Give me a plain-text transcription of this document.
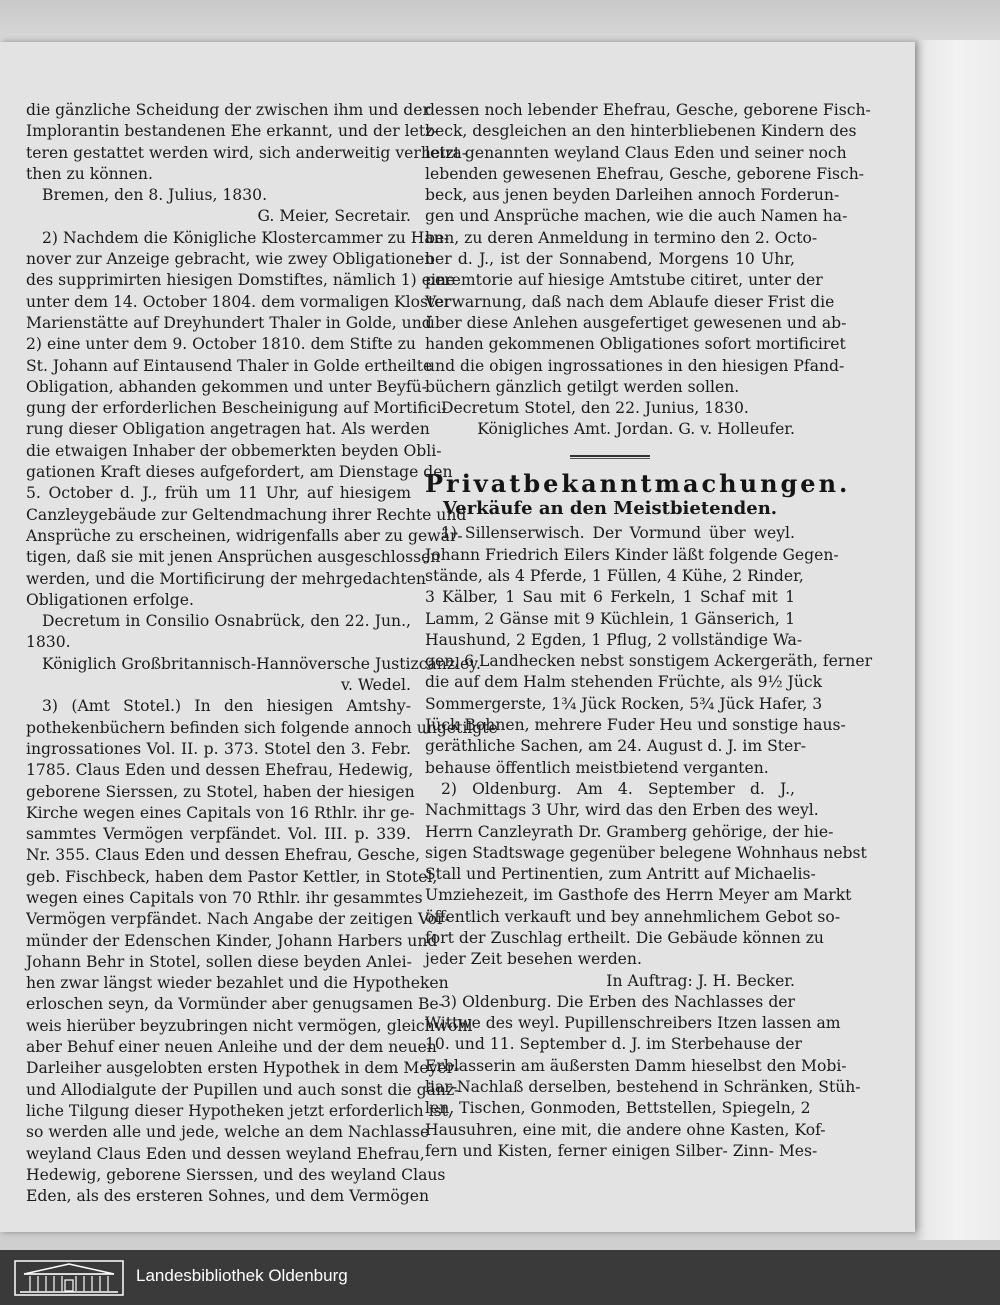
die gänzliche Scheidung der zwischen ihm und der
Implorantin bestandenen Ehe erkannt, und der letz-
teren gestattet werden wird, sich anderweitig verheira-
then zu können.
Bremen, den 8. Julius, 1830.
G. Meier, Secretair.
2) Nachdem die Königliche Klostercammer zu Han-
nover zur Anzeige gebracht, wie zwey Obligationen
des supprimirten hiesigen Domstiftes, nämlich 1) eine
unter dem 14. October 1804. dem vormaligen Kloster
Marienstätte auf Dreyhundert Thaler in Golde, und
2) eine unter dem 9. October 1810. dem Stifte zu
St. Johann auf Eintausend Thaler in Golde ertheilte
Obligation, abhanden gekommen und unter Beyfü-
gung der erforderlichen Bescheinigung auf Mortifici-
rung dieser Obligation angetragen hat. Als werden
die etwaigen Inhaber der obbemerkten beyden Obli-
gationen Kraft dieses aufgefordert, am Dienstage den
5. October d. J., früh um 11 Uhr, auf hiesigem
Canzleygebäude zur Geltendmachung ihrer Rechte und
Ansprüche zu erscheinen, widrigenfalls aber zu gewär-
tigen, daß sie mit jenen Ansprüchen ausgeschlossen
werden, und die Mortificirung der mehrgedachten
Obligationen erfolge.
Decretum in Consilio Osnabrück, den 22. Jun.,
1830.
Königlich Großbritannisch-Hannöversche Justizcanzley.
v. Wedel.
3) (Amt Stotel.) In den hiesigen Amtshy-
pothekenbüchern befinden sich folgende annoch ungetilgte
ingrossationes Vol. II. p. 373. Stotel den 3. Febr.
1785. Claus Eden und dessen Ehefrau, Hedewig,
geborene Sierssen, zu Stotel, haben der hiesigen
Kirche wegen eines Capitals von 16 Rthlr. ihr ge-
sammtes Vermögen verpfändet. Vol. III. p. 339.
Nr. 355. Claus Eden und dessen Ehefrau, Gesche,
geb. Fischbeck, haben dem Pastor Kettler, in Stotel,
wegen eines Capitals von 70 Rthlr. ihr gesammtes
Vermögen verpfändet. Nach Angabe der zeitigen Vor-
münder der Edenschen Kinder, Johann Harbers und
Johann Behr in Stotel, sollen diese beyden Anlei-
hen zwar längst wieder bezahlet und die Hypotheken
erloschen seyn, da Vormünder aber genugsamen Be-
weis hierüber beyzubringen nicht vermögen, gleichwohl
aber Behuf einer neuen Anleihe und der dem neuen
Darleiher ausgelobten ersten Hypothek in dem Meyer-
und Allodialgute der Pupillen und auch sonst die gänz-
liche Tilgung dieser Hypotheken jetzt erforderlich ist,
so werden alle und jede, welche an dem Nachlasse
weyland Claus Eden und dessen weyland Ehefrau,
Hedewig, geborene Sierssen, und des weyland Claus
Eden, als des ersteren Sohnes, und dem Vermögen
dessen noch lebender Ehefrau, Gesche, geborene Fisch-
beck, desgleichen an den hinterbliebenen Kindern des
letzt genannten weyland Claus Eden und seiner noch
lebenden gewesenen Ehefrau, Gesche, geborene Fisch-
beck, aus jenen beyden Darleihen annoch Forderun-
gen und Ansprüche machen, wie die auch Namen ha-
ben, zu deren Anmeldung in termino den 2. Octo-
ber d. J., ist der Sonnabend, Morgens 10 Uhr,
peremtorie auf hiesige Amtstube citiret, unter der
Verwarnung, daß nach dem Ablaufe dieser Frist die
über diese Anlehen ausgefertiget gewesenen und ab-
handen gekommenen Obligationes sofort mortificiret
und die obigen ingrossationes in den hiesigen Pfand-
büchern gänzlich getilgt werden sollen.
Decretum Stotel, den 22. Junius, 1830.
Königliches Amt. Jordan. G. v. Holleufer.
Privatbekanntmachungen.
Verkäufe an den Meistbietenden.
1) Sillenserwisch. Der Vormund über weyl.
Johann Friedrich Eilers Kinder läßt folgende Gegen-
stände, als 4 Pferde, 1 Füllen, 4 Kühe, 2 Rinder,
3 Kälber, 1 Sau mit 6 Ferkeln, 1 Schaf mit 1
Lamm, 2 Gänse mit 9 Küchlein, 1 Gänserich, 1
Haushund, 2 Egden, 1 Pflug, 2 vollständige Wa-
gen, 6 Landhecken nebst sonstigem Ackergeräth, ferner
die auf dem Halm stehenden Früchte, als 9½ Jück
Sommergerste, 1¾ Jück Rocken, 5¾ Jück Hafer, 3
Jück Bohnen, mehrere Fuder Heu und sonstige haus-
geräthliche Sachen, am 24. August d. J. im Ster-
behause öffentlich meistbietend verganten.
2) Oldenburg. Am 4. September d. J.,
Nachmittags 3 Uhr, wird das den Erben des weyl.
Herrn Canzleyrath Dr. Gramberg gehörige, der hie-
sigen Stadtswage gegenüber belegene Wohnhaus nebst
Stall und Pertinentien, zum Antritt auf Michaelis-
Umziehezeit, im Gasthofe des Herrn Meyer am Markt
öffentlich verkauft und bey annehmlichem Gebot so-
fort der Zuschlag ertheilt. Die Gebäude können zu
jeder Zeit besehen werden.
In Auftrag: J. H. Becker.
3) Oldenburg. Die Erben des Nachlasses der
Wittwe des weyl. Pupillenschreibers Itzen lassen am
10. und 11. September d. J. im Sterbehause der
Erblasserin am äußersten Damm hieselbst den Mobi-
liar-Nachlaß derselben, bestehend in Schränken, Stüh-
len, Tischen, Gonmoden, Bettstellen, Spiegeln, 2
Hausuhren, eine mit, die andere ohne Kasten, Kof-
fern und Kisten, ferner einigen Silber- Zinn- Mes-
Landesbibliothek Oldenburg
